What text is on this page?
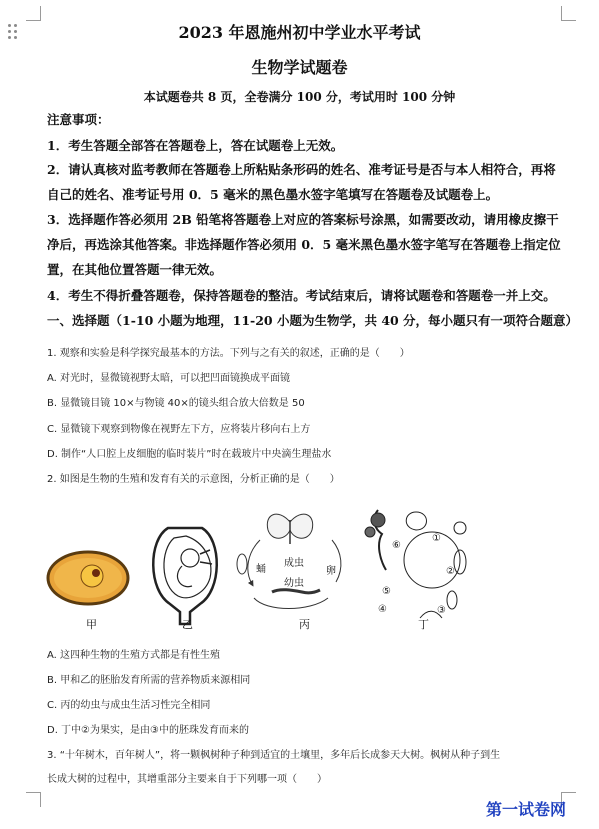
2023 年恩施州初中学业水平考试
生物学试题卷
本试题卷共 8 页，全卷满分 100 分，考试用时 100 分钟
注意事项：
1．考生答题全部答在答题卷上，答在试题卷上无效。
2．请认真核对监考教师在答题卷上所粘贴条形码的姓名、准考证号是否与本人相符合，再将
自己的姓名、准考证号用 0．5 毫米的黑色墨水签字笔填写在答题卷及试题卷上。
3．选择题作答必须用 2B 铅笔将答题卷上对应的答案标号涂黑，如需要改动，请用橡皮擦干
净后，再选涂其他答案。非选择题作答必须用 0．5 毫米黑色墨水签字笔写在答题卷上指定位
置，在其他位置答题一律无效。
4．考生不得折叠答题卷，保持答题卷的整洁。考试结束后，请将试题卷和答题卷一并上交。
一、选择题（1-10 小题为地理，11-20 小题为生物学，共 40 分，每小题只有一项符合题意）
1. 观察和实验是科学探究最基本的方法。下列与之有关的叙述，正确的是（　　）
A. 对光时，显微镜视野太暗，可以把凹面镜换成平面镜
B. 显微镜目镜 10×与物镜 40×的镜头组合放大倍数是 50
C. 显微镜下观察到物像在视野左下方，应将装片移向右上方
D. 制作“人口腔上皮细胞的临时装片”时在载玻片中央滴生理盐水
2. 如图是生物的生殖和发育有关的示意图，分析正确的是（　　）
成虫
幼虫
蛹	卵
①
②
③
④
⑤
⑥
甲	乙	丙	丁
A. 这四种生物的生殖方式都是有性生殖
B. 甲和乙的胚胎发育所需的营养物质来源相同
C. 丙的幼虫与成虫生活习性完全相同
D. 丁中②为果实，是由③中的胚珠发育而来的
3. “十年树木，百年树人”，将一颗枫树种子种到适宜的土壤里，多年后长成参天大树。枫树从种子到生
长成大树的过程中，其增重部分主要来自于下列哪一项（　　）
第一试卷网
